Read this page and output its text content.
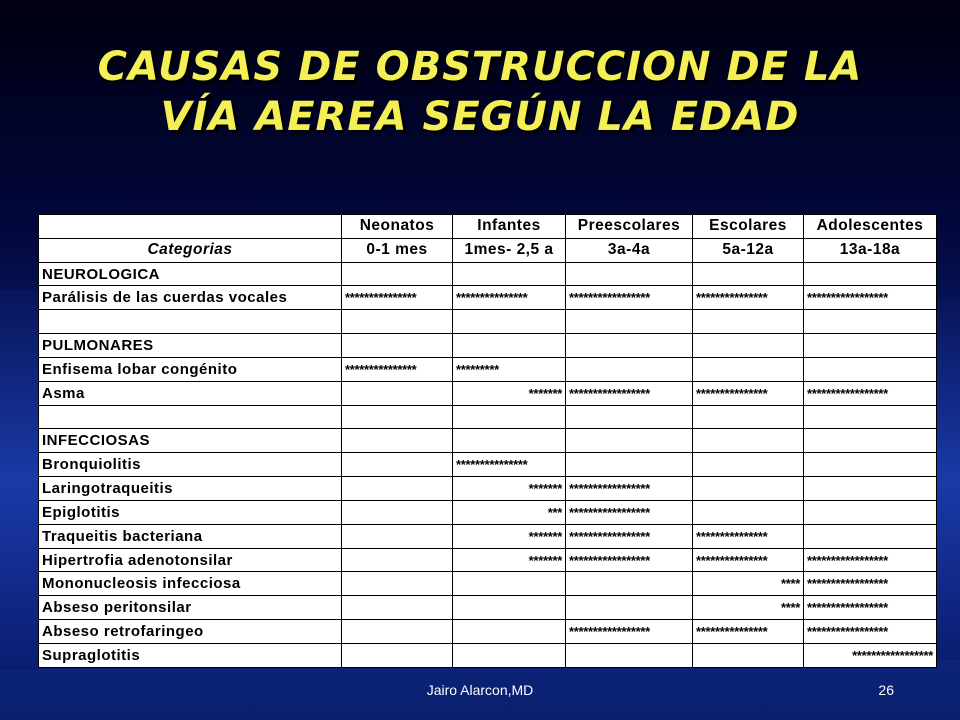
CAUSAS DE OBSTRUCCION DE LA
VÍA AEREA SEGÚN LA EDAD
	Neonatos	Infantes	Preescolares	Escolares	Adolescentes
Categorias	0-1 mes	1mes- 2,5 a	3a-4a	5a-12a	13a-18a
NEUROLOGICA					
Parálisis de las cuerdas vocales	***************	***************	*****************	***************	*****************

PULMONARES					
Enfisema lobar congénito	***************	*********			
Asma		*******	*****************	***************	*****************

INFECCIOSAS					
Bronquiolitis		***************			
Laringotraqueitis		*******	*****************		
Epiglotitis		***	*****************		
Traqueitis bacteriana		*******	*****************	***************	
Hipertrofia adenotonsilar		*******	*****************	***************	*****************
Mononucleosis infecciosa				****	*****************
Abseso peritonsilar				****	*****************
Abseso retrofaringeo			*****************	***************	*****************
Supraglotitis					*****************
Jairo Alarcon,MD	26
